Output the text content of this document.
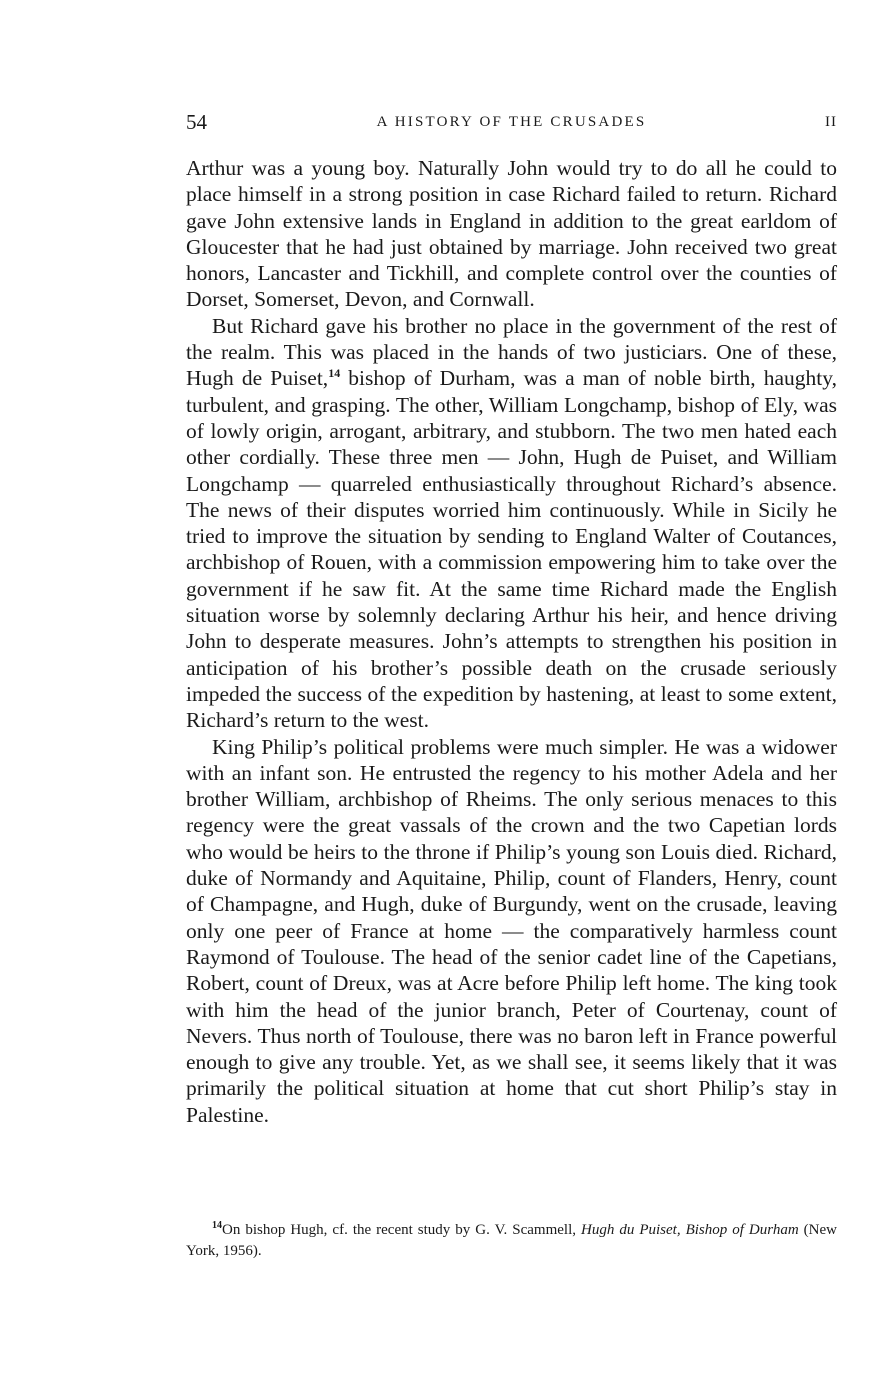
54	A HISTORY OF THE CRUSADES	II

Arthur was a young boy. Naturally John would try to do all he could to place himself in a strong position in case Richard failed to return. Richard gave John extensive lands in England in addition to the great earldom of Gloucester that he had just obtained by marriage. John received two great honors, Lancaster and Tickhill, and complete control over the counties of Dorset, Somerset, Devon, and Cornwall.

But Richard gave his brother no place in the government of the rest of the realm. This was placed in the hands of two justiciars. One of these, Hugh de Puiset,$^{14}$ bishop of Durham, was a man of noble birth, haughty, turbulent, and grasping. The other, William Longchamp, bishop of Ely, was of lowly origin, arrogant, arbitrary, and stubborn. The two men hated each other cordially. These three men — John, Hugh de Puiset, and William Longchamp — quarreled enthusiastically throughout Richard’s absence. The news of their disputes worried him continuously. While in Sicily he tried to improve the situation by sending to England Walter of Coutances, archbishop of Rouen, with a commission empowering him to take over the government if he saw fit. At the same time Richard made the English situation worse by solemnly declaring Arthur his heir, and hence driving John to desperate measures. John’s attempts to strengthen his position in anticipation of his brother’s possible death on the crusade seriously impeded the success of the expedition by hastening, at least to some extent, Richard’s return to the west.

King Philip’s political problems were much simpler. He was a widower with an infant son. He entrusted the regency to his mother Adela and her brother William, archbishop of Rheims. The only serious menaces to this regency were the great vassals of the crown and the two Capetian lords who would be heirs to the throne if Philip’s young son Louis died. Richard, duke of Normandy and Aquitaine, Philip, count of Flanders, Henry, count of Champagne, and Hugh, duke of Burgundy, went on the crusade, leaving only one peer of France at home — the comparatively harmless count Raymond of Toulouse. The head of the senior cadet line of the Capetians, Robert, count of Dreux, was at Acre before Philip left home. The king took with him the head of the junior branch, Peter of Courtenay, count of Nevers. Thus north of Toulouse, there was no baron left in France powerful enough to give any trouble. Yet, as we shall see, it seems likely that it was primarily the political situation at home that cut short Philip’s stay in Palestine.

$^{14}$On bishop Hugh, cf. the recent study by G. V. Scammell, Hugh du Puiset, Bishop of Durham (New York, 1956).
